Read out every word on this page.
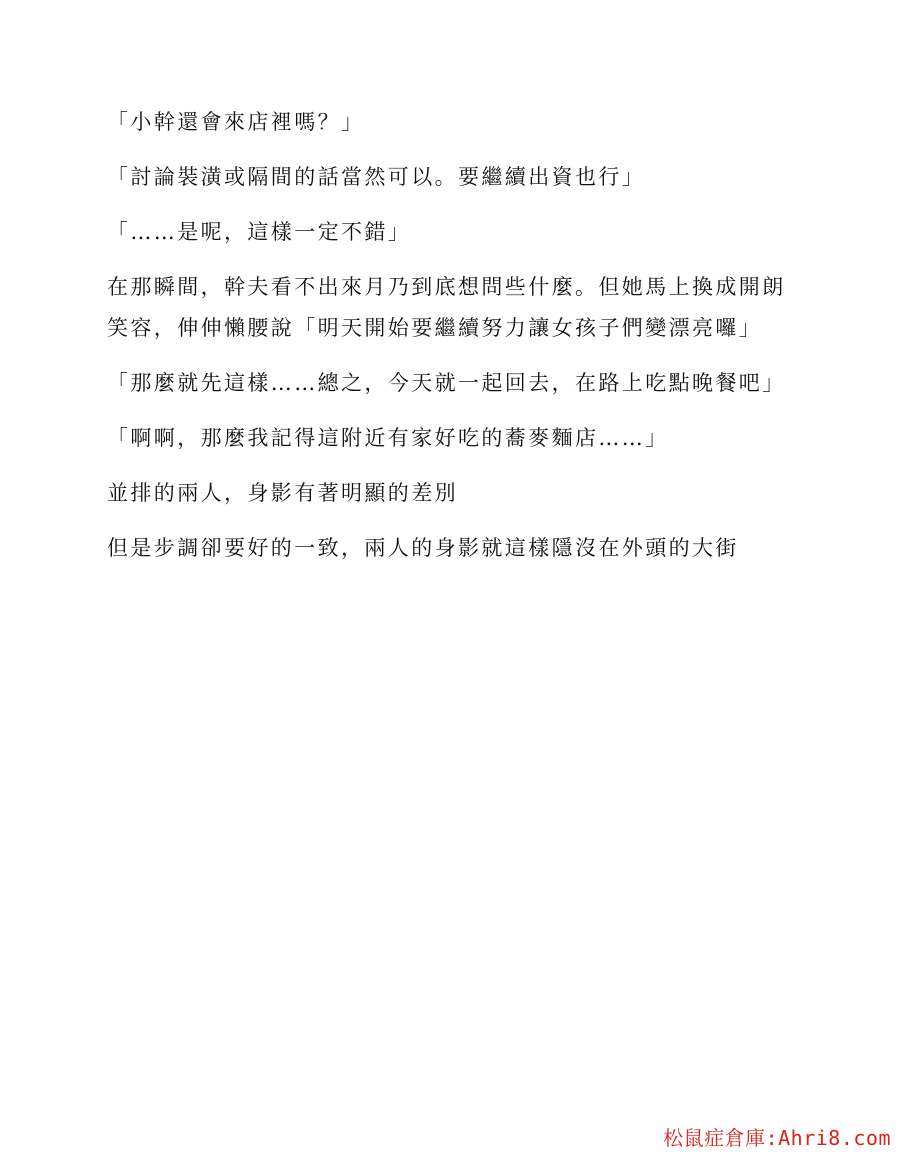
「小幹還會來店裡嗎？」

「討論裝潢或隔間的話當然可以。要繼續出資也行」

「……是呢，這樣一定不錯」

在那瞬間，幹夫看不出來月乃到底想問些什麼。但她馬上換成開朗笑容，伸伸懶腰說「明天開始要繼續努力讓女孩子們變漂亮囉」

「那麼就先這樣……總之，今天就一起回去，在路上吃點晚餐吧」

「啊啊，那麼我記得這附近有家好吃的蕎麥麵店……」

並排的兩人，身影有著明顯的差別

但是步調卻要好的一致，兩人的身影就這樣隱沒在外頭的大街

松鼠症倉庫:Ahri8.com
